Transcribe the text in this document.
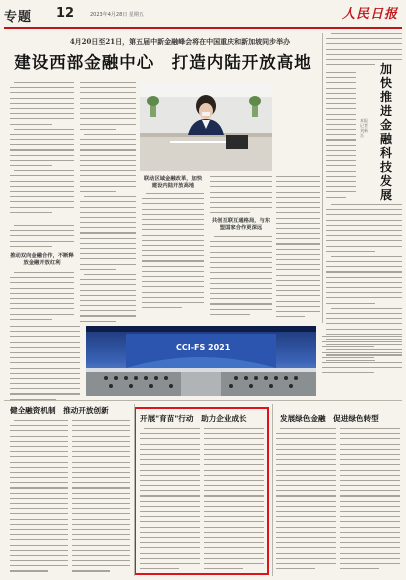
专题 12	2023年4月28日 星期五	人民日报
4月20日至21日，第五届中新金融峰会将在中国重庆和新加坡同步举办
建设西部金融中心　打造内陆开放高地
推动双向金融合作，不断释放金融开放红利
联动区域金融改革，加快建设内陆开放高地
共创互联互通格局，与东盟国家合作更深远
加快推进金融科技发展
本报记者 刘新吾
CCI-FS 2021
健全融资机制　推动开放创新
开展"育苗"行动　助力企业成长	发展绿色金融　促进绿色转型
